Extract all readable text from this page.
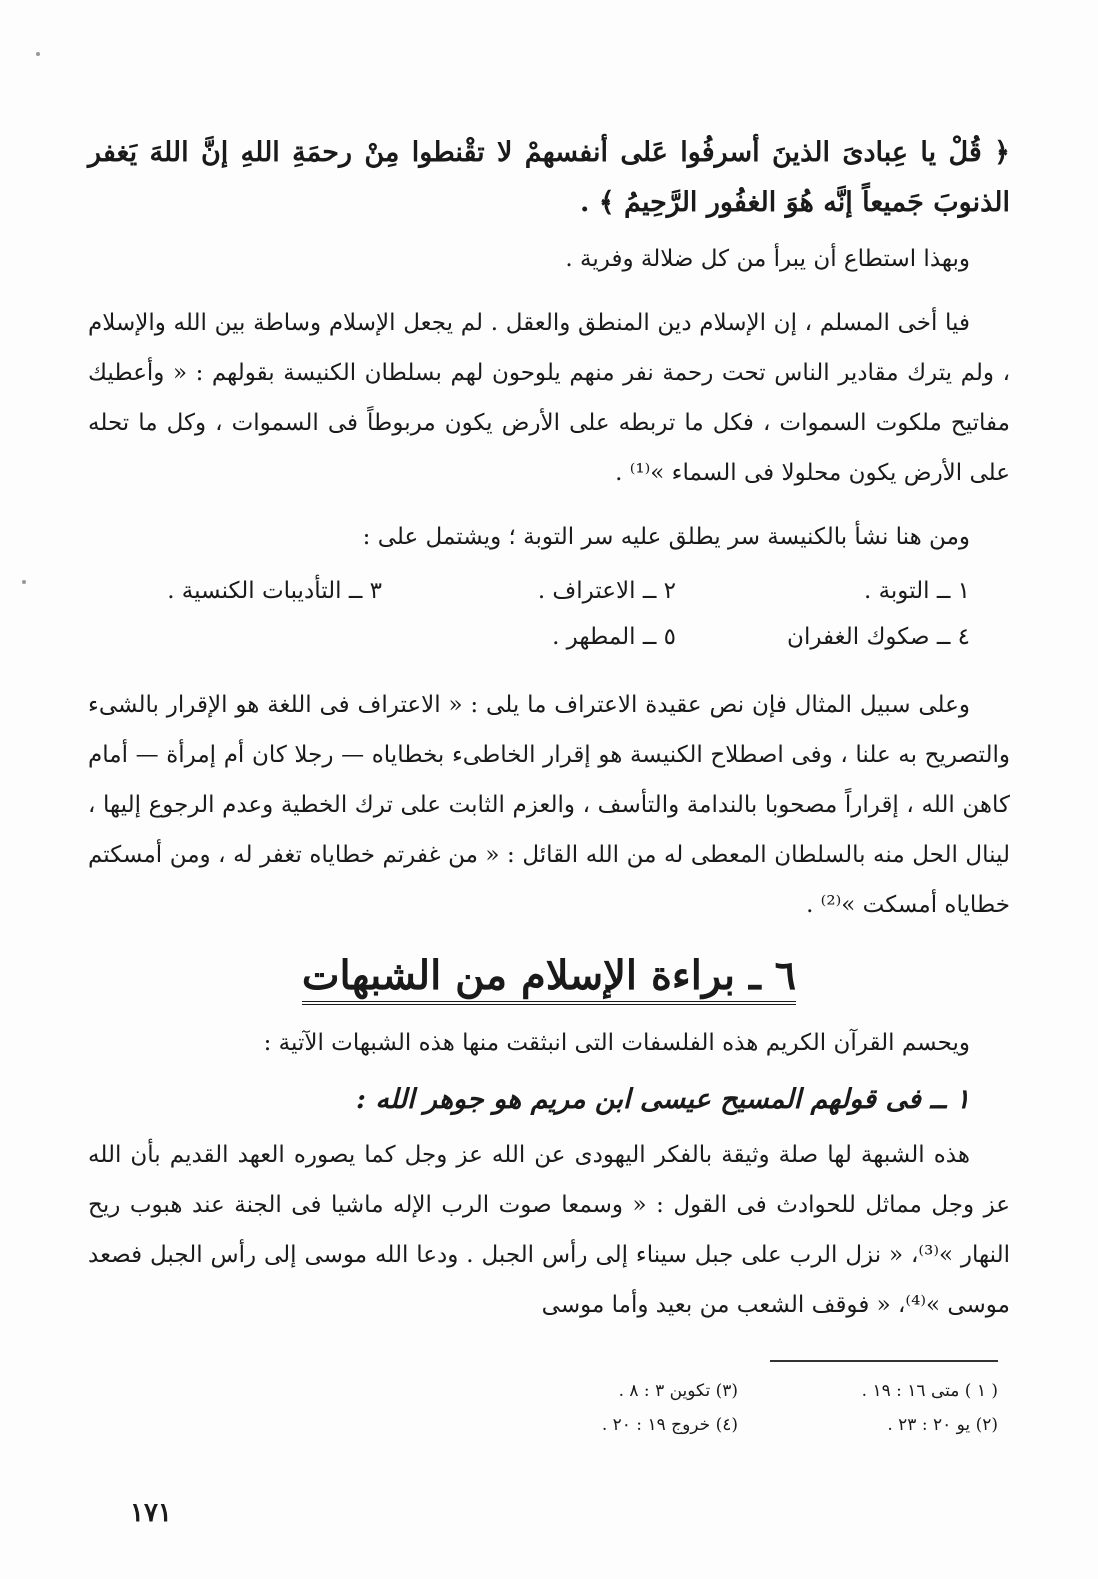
﴿ قُلْ يا عِبادىَ الذينَ أسرفُوا عَلى أنفسهمْ لا تقْنطوا مِنْ رحمَةِ اللهِ إنَّ اللهَ يَغفر الذنوبَ جَميعاً إنَّه هُوَ الغفُور الرَّحِيمُ ﴾ .

وبهذا استطاع أن يبرأ من كل ضلالة وفرية .

فيا أخى المسلم ، إن الإسلام دين المنطق والعقل . لم يجعل الإسلام وساطة بين الله والإسلام ، ولم يترك مقادير الناس تحت رحمة نفر منهم يلوحون لهم بسلطان الكنيسة بقولهم : « وأعطيك مفاتيح ملكوت السموات ، فكل ما تربطه على الأرض يكون مربوطاً فى السموات ، وكل ما تحله على الأرض يكون محلولا فى السماء »⁽¹⁾ .

ومن هنا نشأ بالكنيسة سر يطلق عليه سر التوبة ؛ ويشتمل على :

١ ــ التوبة .
٢ ــ الاعتراف .
٣ ــ التأديبات الكنسية .
٤ ــ صكوك الغفران
٥ ــ المطهر .

وعلى سبيل المثال فإن نص عقيدة الاعتراف ما يلى : « الاعتراف فى اللغة هو الإقرار بالشىء والتصريح به علنا ، وفى اصطلاح الكنيسة هو إقرار الخاطىء بخطاياه — رجلا كان أم إمرأة — أمام كاهن الله ، إقراراً مصحوبا بالندامة والتأسف ، والعزم الثابت على ترك الخطية وعدم الرجوع إليها ، لينال الحل منه بالسلطان المعطى له من الله القائل : « من غفرتم خطاياه تغفر له ، ومن أمسكتم خطاياه أمسكت »⁽²⁾ .

٦ ـ براءة الإسلام من الشبهات

ويحسم القرآن الكريم هذه الفلسفات التى انبثقت منها هذه الشبهات الآتية :

١ ــ فى قولهم المسيح عيسى ابن مريم هو جوهر الله :

هذه الشبهة لها صلة وثيقة بالفكر اليهودى عن الله عز وجل كما يصوره العهد القديم بأن الله عز وجل مماثل للحوادث فى القول : « وسمعا صوت الرب الإله ماشيا فى الجنة عند هبوب ريح النهار »⁽³⁾، « نزل الرب على جبل سيناء إلى رأس الجبل . ودعا الله موسى إلى رأس الجبل فصعد موسى »⁽⁴⁾، « فوقف الشعب من بعيد وأما موسى

( ١ ) متى ١٦ : ١٩ .
(٣) تكوين ٣ : ٨ .
(٢) يو ٢٠ : ٢٣ .
(٤) خروج ١٩ : ٢٠ .
١٧١
